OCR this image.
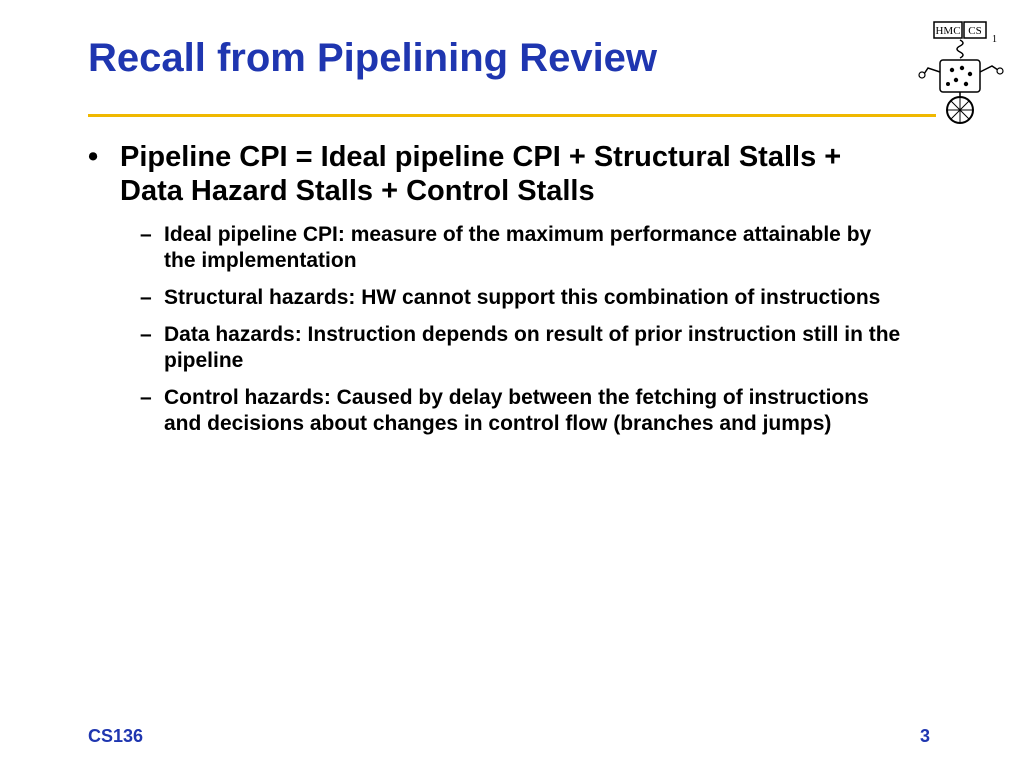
Recall from Pipelining Review
HMC CS
1
• Pipeline CPI = Ideal pipeline CPI + Structural Stalls + Data Hazard Stalls + Control Stalls
– Ideal pipeline CPI: measure of the maximum performance attainable by the implementation
– Structural hazards: HW cannot support this combination of instructions
– Data hazards: Instruction depends on result of prior instruction still in the pipeline
– Control hazards: Caused by delay between the fetching of instructions and decisions about changes in control flow (branches and jumps)
CS136	3
